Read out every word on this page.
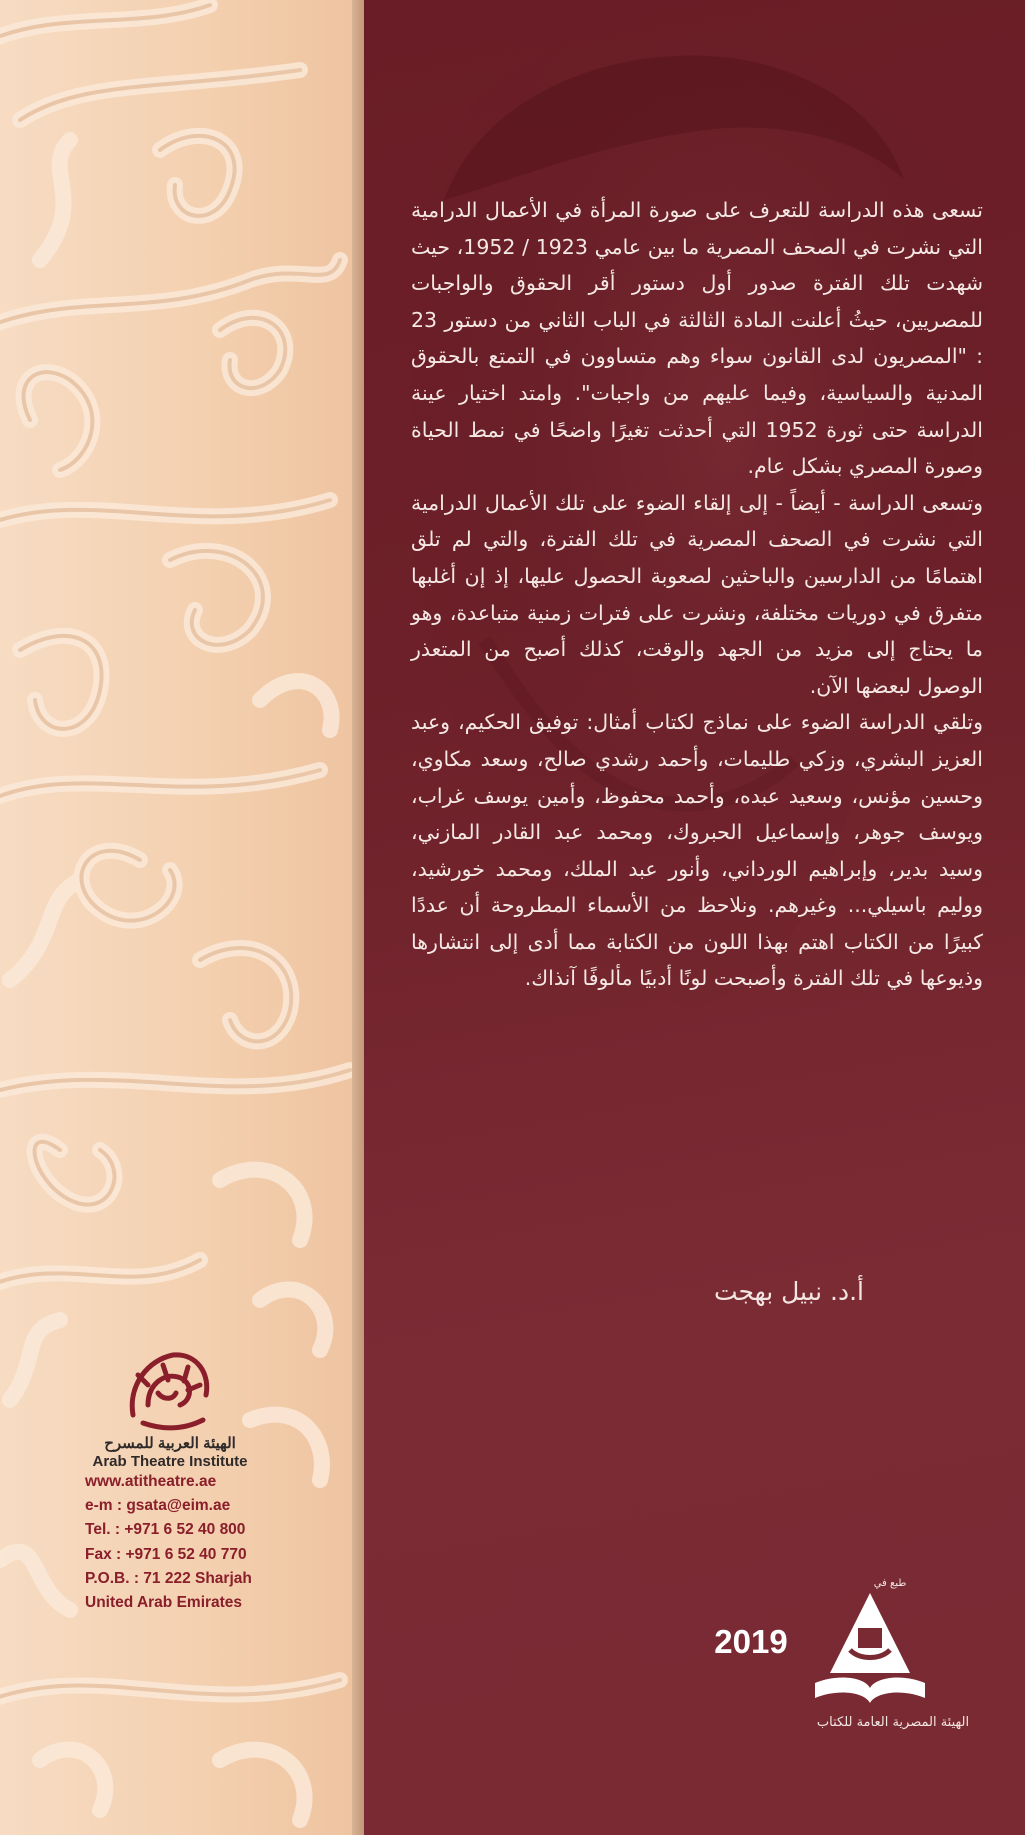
تسعى هذه الدراسة للتعرف على صورة المرأة في الأعمال الدرامية التي نشرت في الصحف المصرية ما بين عامي 1923 / 1952، حيث شهدت تلك الفترة صدور أول دستور أقر الحقوق والواجبات للمصريين، حيثُ أعلنت المادة الثالثة في الباب الثاني من دستور 23 : "المصريون لدى القانون سواء وهم متساوون في التمتع بالحقوق المدنية والسياسية، وفيما عليهم من واجبات". وامتد اختيار عينة الدراسة حتى ثورة 1952 التي أحدثت تغيرًا واضحًا في نمط الحياة وصورة المصري بشكل عام.

وتسعى الدراسة - أيضاً - إلى إلقاء الضوء على تلك الأعمال الدرامية التي نشرت في الصحف المصرية في تلك الفترة، والتي لم تلق اهتمامًا من الدارسين والباحثين لصعوبة الحصول عليها، إذ إن أغلبها متفرق في دوريات مختلفة، ونشرت على فترات زمنية متباعدة، وهو ما يحتاج إلى مزيد من الجهد والوقت، كذلك أصبح من المتعذر الوصول لبعضها الآن.

وتلقي الدراسة الضوء على نماذج لكتاب أمثال: توفيق الحكيم، وعبد العزيز البشري، وزكي طليمات، وأحمد رشدي صالح، وسعد مكاوي، وحسين مؤنس، وسعيد عبده، وأحمد محفوظ، وأمين يوسف غراب، ويوسف جوهر، وإسماعيل الحبروك، ومحمد عبد القادر المازني، وسيد بدير، وإبراهيم الورداني، وأنور عبد الملك، ومحمد خورشيد، ووليم باسيلي... وغيرهم. ونلاحظ من الأسماء المطروحة أن عددًا كبيرًا من الكتاب اهتم بهذا اللون من الكتابة مما أدى إلى انتشارها وذيوعها في تلك الفترة وأصبحت لونًا أدبيًا مألوفًا آنذاك.

أ.د. نبيل بهجت
طبع في
الهيئة المصرية العامة للكتاب
2019
الهيئة العربية للمسرح
Arab Theatre Institute
www.atitheatre.ae
e-m : gsata@eim.ae
Tel. : +971 6 52 40 800
Fax : +971 6 52 40 770
P.O.B. : 71 222 Sharjah
United Arab Emirates
